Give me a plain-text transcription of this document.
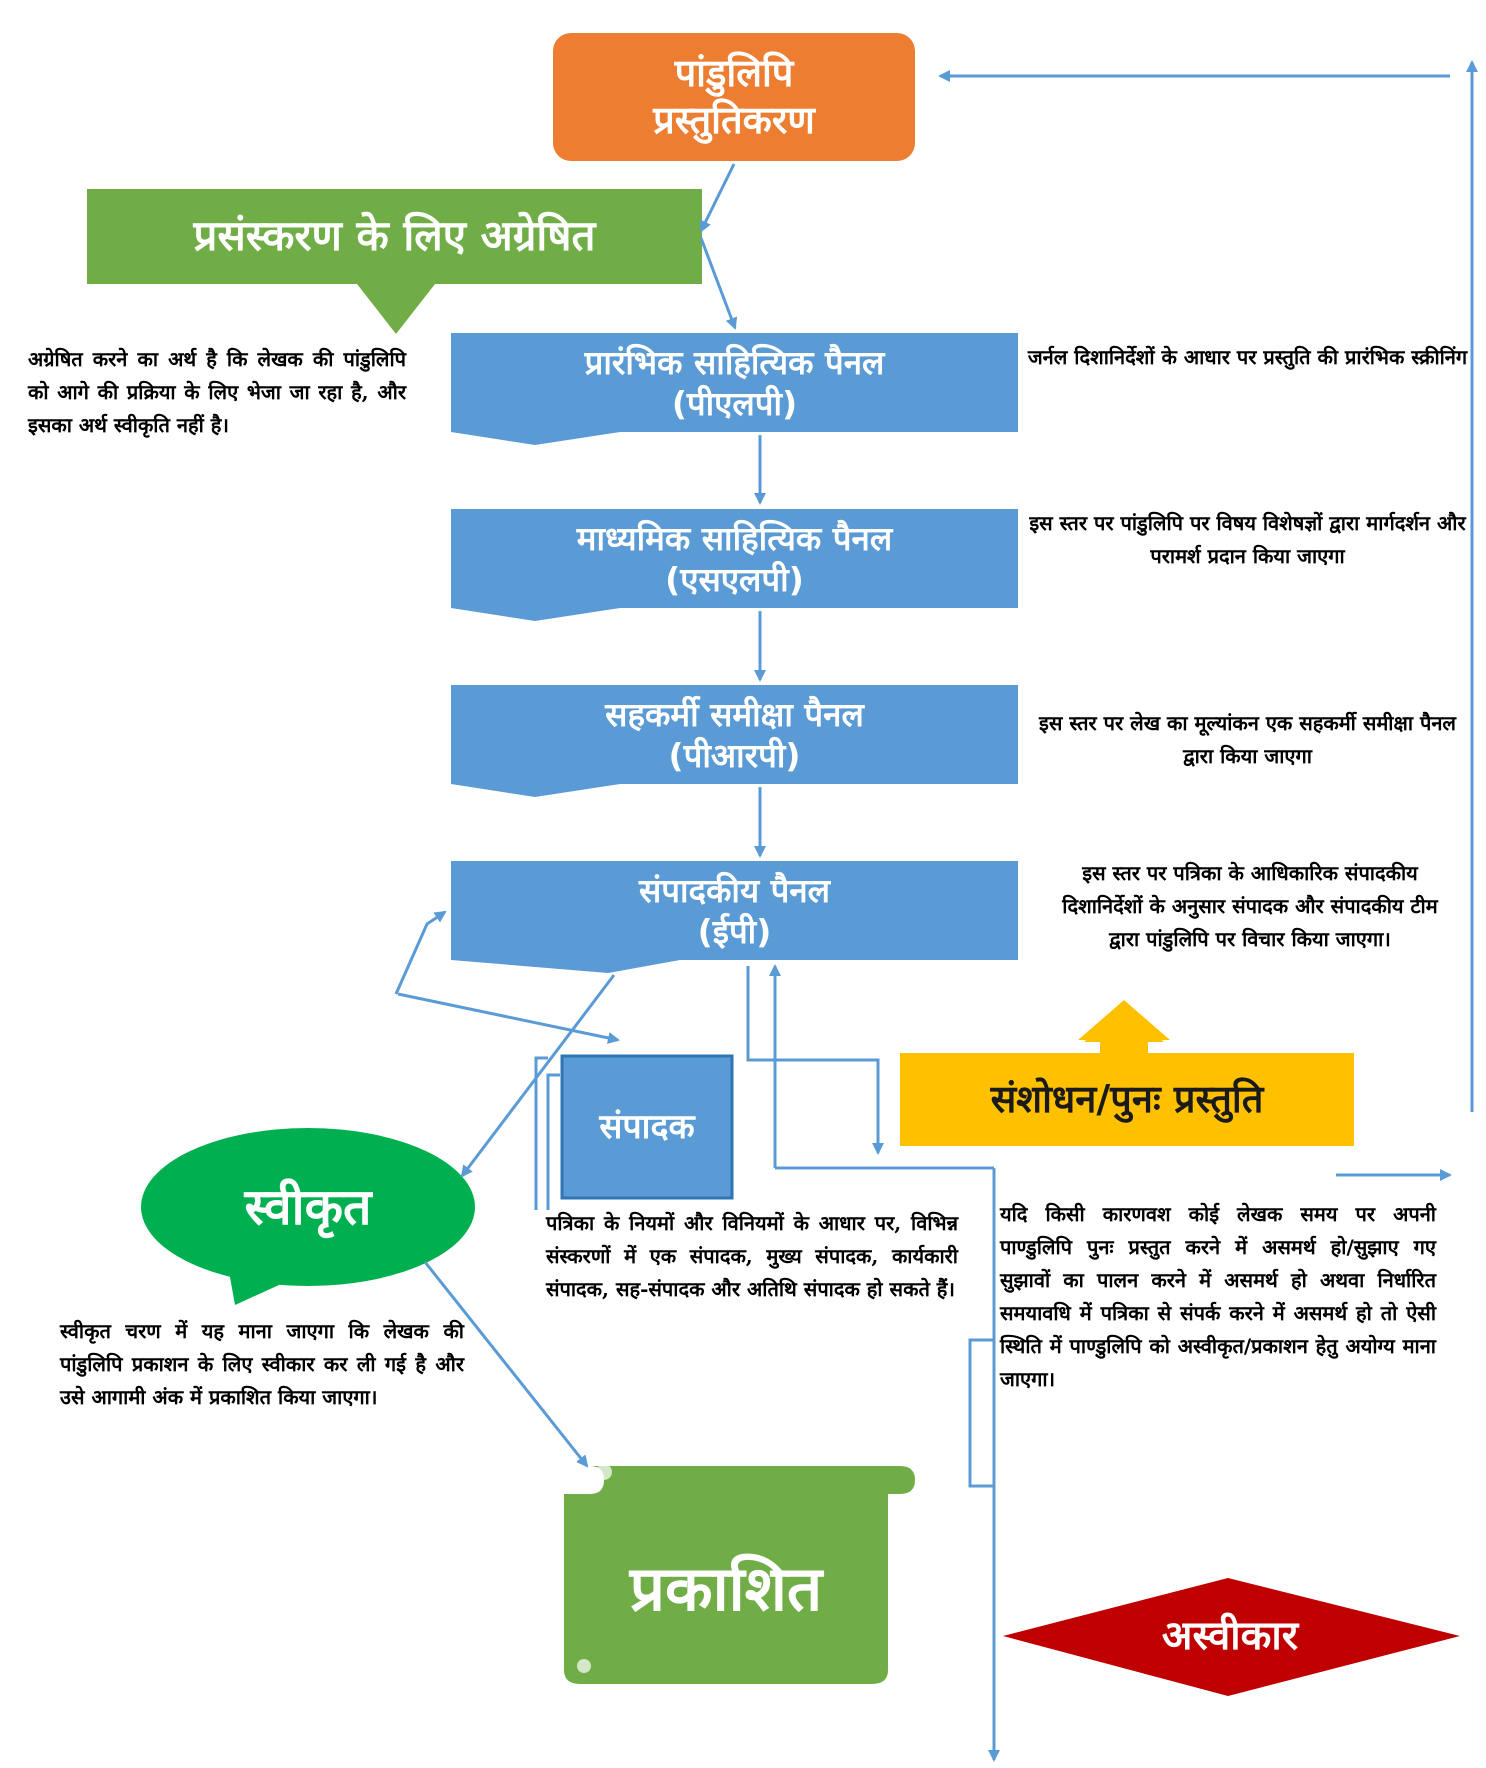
पांडुलिपि
प्रस्तुतिकरण
प्रसंस्करण के लिए अग्रेषित
प्रारंभिक साहित्यिक पैनल
(पीएलपी)
माध्यमिक साहित्यिक पैनल
(एसएलपी)
सहकर्मी समीक्षा पैनल
(पीआरपी)
संपादकीय पैनल
(ईपी)
संपादक
संशोधन/पुनः प्रस्तुति
स्वीकृत
प्रकाशित
अस्वीकार
अग्रेषित करने का अर्थ है कि लेखक की पांडुलिपि को आगे की प्रक्रिया के लिए भेजा जा रहा है, और इसका अर्थ स्वीकृति नहीं है।
जर्नल दिशानिर्देशों के आधार पर प्रस्तुति की प्रारंभिक स्क्रीनिंग
इस स्तर पर पांडुलिपि पर विषय विशेषज्ञों द्वारा मार्गदर्शन और परामर्श प्रदान किया जाएगा
इस स्तर पर लेख का मूल्यांकन एक सहकर्मी समीक्षा पैनल द्वारा किया जाएगा
इस स्तर पर पत्रिका के आधिकारिक संपादकीय दिशानिर्देशों के अनुसार संपादक और संपादकीय टीम द्वारा पांडुलिपि पर विचार किया जाएगा।
पत्रिका के नियमों और विनियमों के आधार पर, विभिन्न संस्करणों में एक संपादक, मुख्य संपादक, कार्यकारी संपादक, सह-संपादक और अतिथि संपादक हो सकते हैं।
स्वीकृत चरण में यह माना जाएगा कि लेखक की पांडुलिपि प्रकाशन के लिए स्वीकार कर ली गई है और उसे आगामी अंक में प्रकाशित किया जाएगा।
यदि किसी कारणवश कोई लेखक समय पर अपनी पाण्डुलिपि पुनः प्रस्तुत करने में असमर्थ हो/सुझाए गए सुझावों का पालन करने में असमर्थ हो अथवा निर्धारित समयावधि में पत्रिका से संपर्क करने में असमर्थ हो तो ऐसी स्थिति में पाण्डुलिपि को अस्वीकृत/प्रकाशन हेतु अयोग्य माना जाएगा।
